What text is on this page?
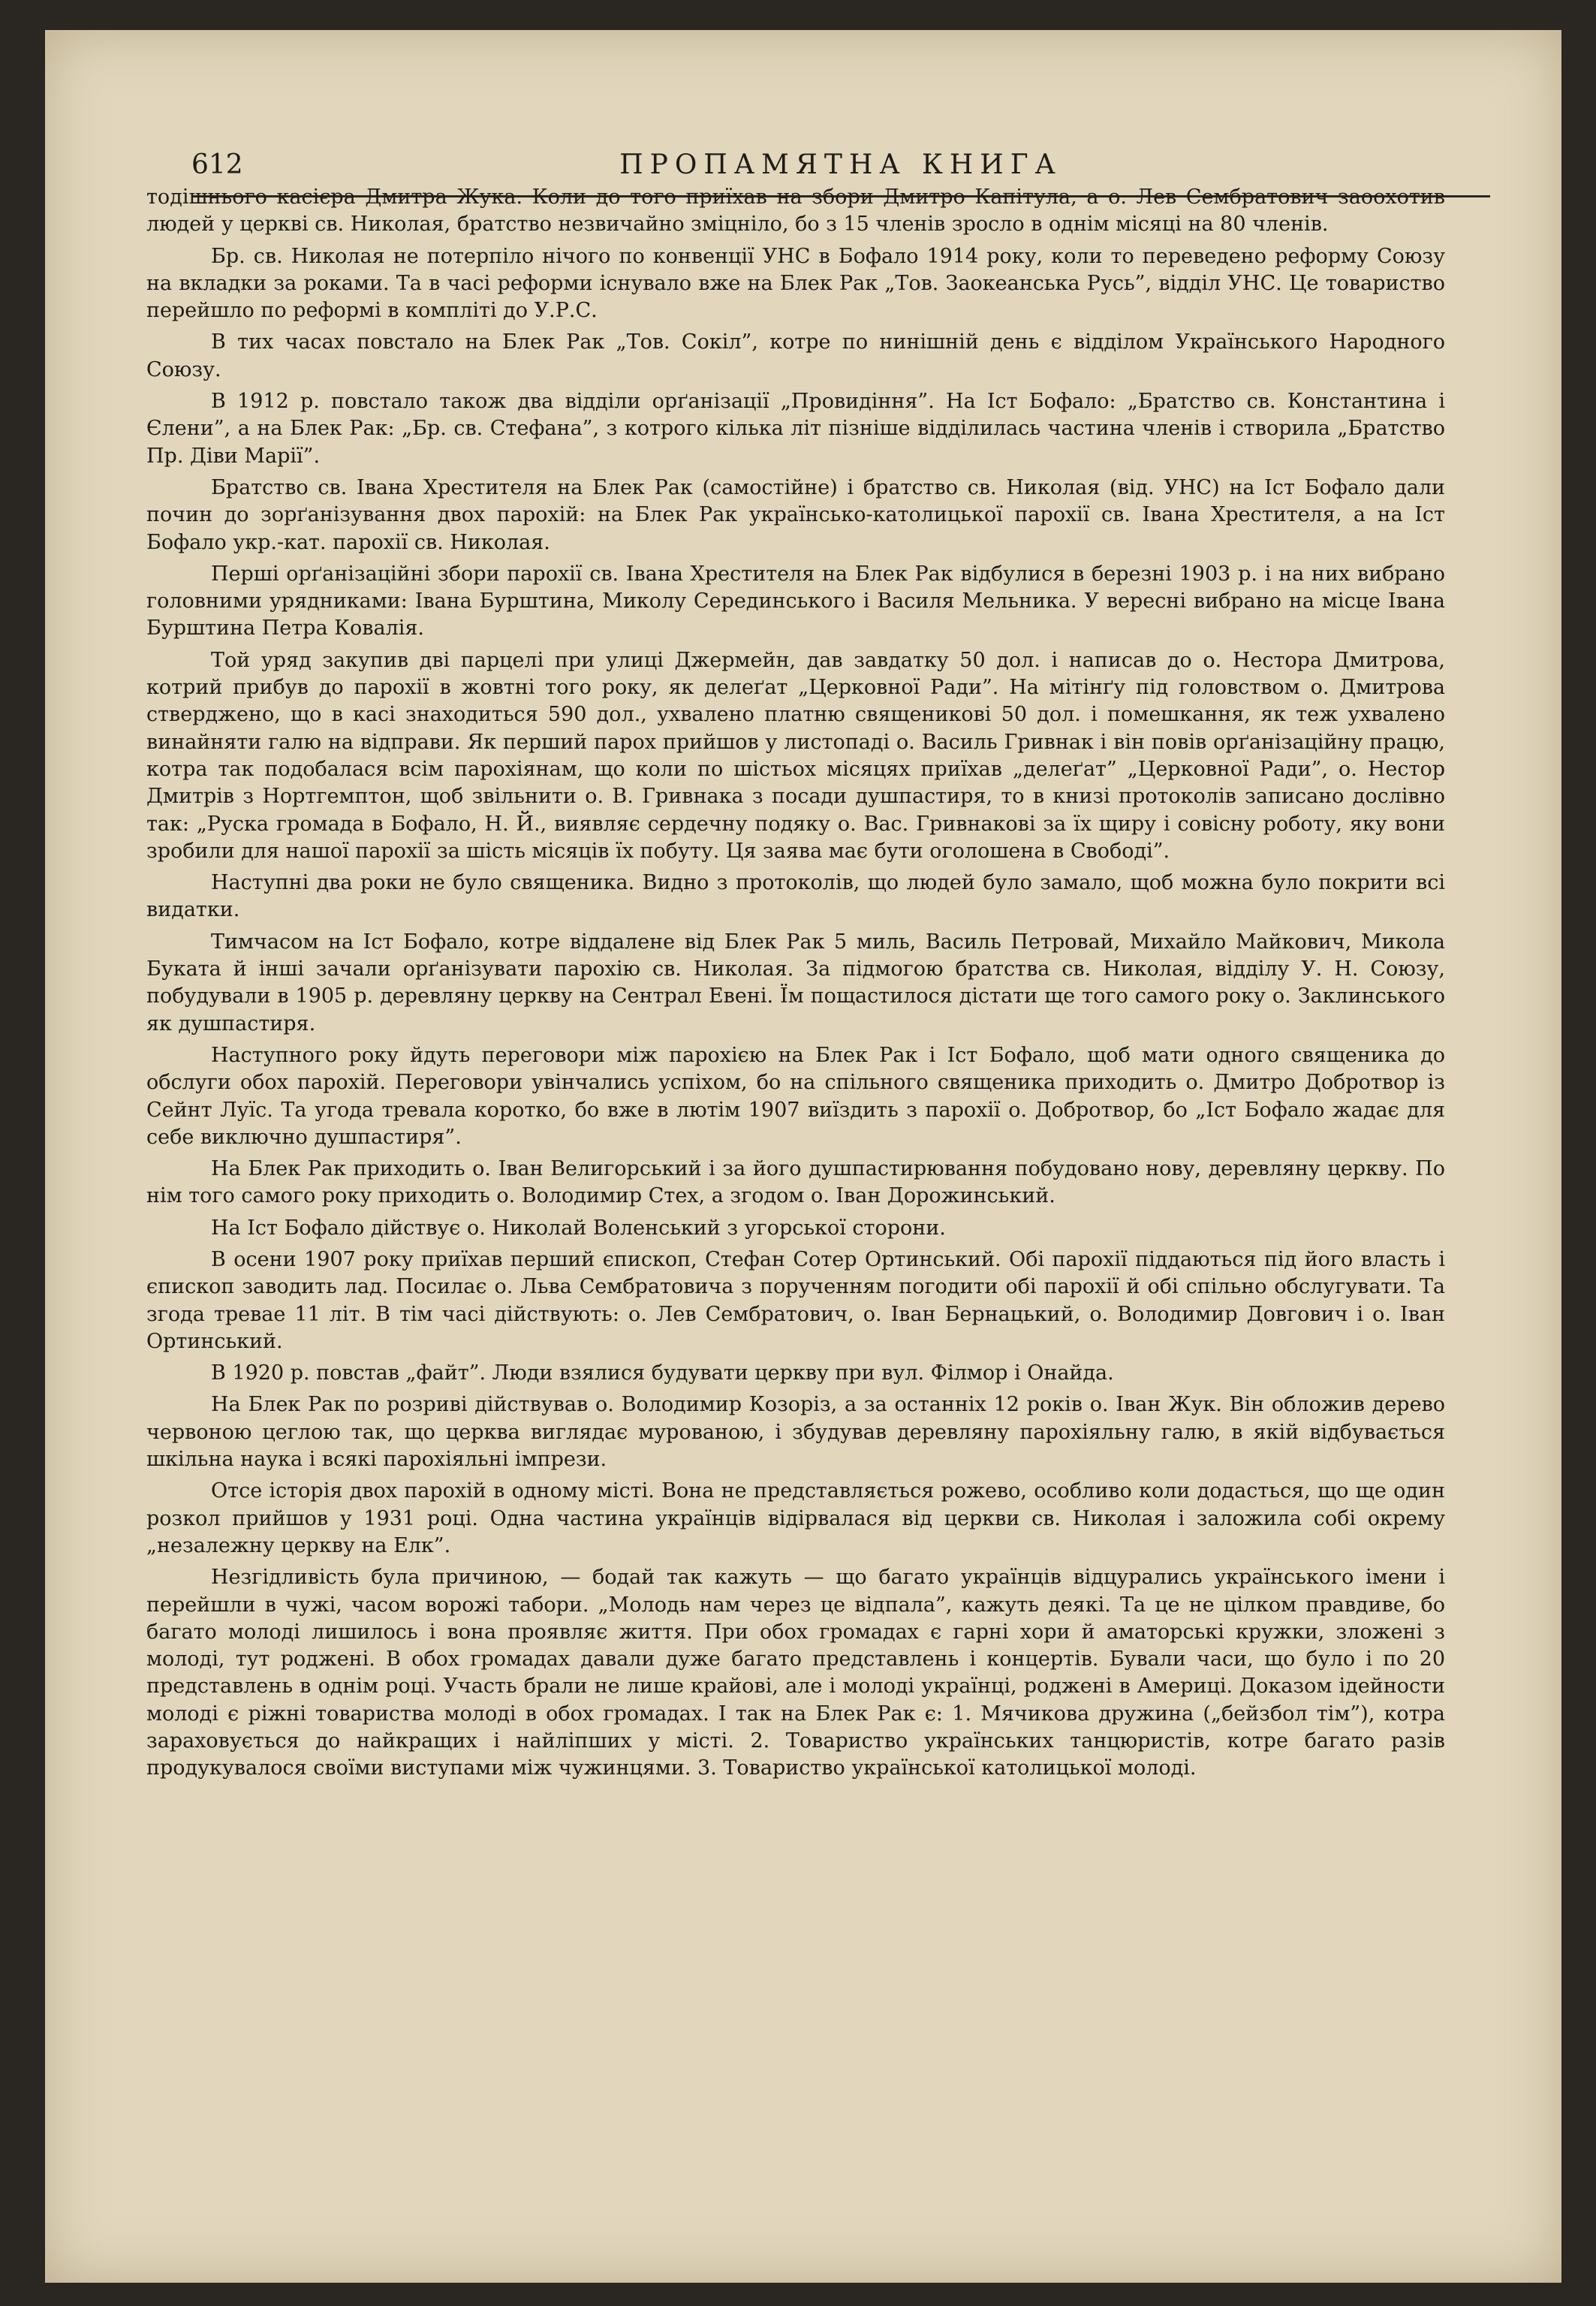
612	ПРОПАМЯТНА КНИГА

тодішнього касієра Дмитра Жука. Коли до того приїхав на збори Дмитро Капітула, а о. Лев Сембратович заоохотив людей у церкві св. Николая, братство незвичайно зміцніло, бо з 15 членів зросло в однім місяці на 80 членів.

Бр. св. Николая не потерпіло нічого по конвенції УНС в Бофало 1914 року, коли то переведено реформу Союзу на вкладки за роками. Та в часі реформи існувало вже на Блек Рак „Тов. Заокеанська Русь”, відділ УНС. Це товариство перейшло по реформі в компліті до У.Р.С.

В тих часах повстало на Блек Рак „Тов. Сокіл”, котре по нинішній день є відділом Українського Народного Союзу.

В 1912 р. повстало також два відділи орґанізації „Провидіння”. На Іст Бофало: „Братство св. Константина і Єлени”, а на Блек Рак: „Бр. св. Стефана”, з котрого кілька літ пізніше відділилась частина членів і створила „Братство Пр. Діви Марії”.

Братство св. Івана Хрестителя на Блек Рак (самостійне) і братство св. Николая (від. УНС) на Іст Бофало дали почин до зорґанізування двох парохій: на Блек Рак українсько-католицької парохії св. Івана Хрестителя, а на Іст Бофало укр.-кат. парохії св. Николая.

Перші орґанізаційні збори парохії св. Івана Хрестителя на Блек Рак відбулися в березні 1903 р. і на них вибрано головними урядниками: Івана Бурштина, Миколу Серединського і Василя Мельника. У вересні вибрано на місце Івана Бурштина Петра Ковалія.

Той уряд закупив дві парцелі при улиці Джермейн, дав завдатку 50 дол. і написав до о. Нестора Дмитрова, котрий прибув до парохії в жовтні того року, як делеґат „Церковної Ради”. На мітінґу під головством о. Дмитрова стверджено, що в касі знаходиться 590 дол., ухвалено платню священикові 50 дол. і помешкання, як теж ухвалено винайняти галю на відправи. Як перший парох прийшов у листопаді о. Василь Гривнак і він повів орґанізаційну працю, котра так подобалася всім парохіянам, що коли по шістьох місяцях приїхав „делеґат” „Церковної Ради”, о. Нестор Дмитрів з Нортгемптон, щоб звільнити о. В. Гривнака з посади душпастиря, то в книзі протоколів записано дослівно так: „Руска громада в Бофало, Н. Й., виявляє сердечну подяку о. Вас. Гривнакові за їх щиру і совісну роботу, яку вони зробили для нашої парохії за шість місяців їх побуту. Ця заява має бути оголошена в Свободі”.

Наступні два роки не було священика. Видно з протоколів, що людей було замало, щоб можна було покрити всі видатки.

Тимчасом на Іст Бофало, котре віддалене від Блек Рак 5 миль, Василь Петровай, Михайло Майкович, Микола Буката й інші зачали орґанізувати парохію св. Николая. За підмогою братства св. Николая, відділу У. Н. Союзу, побудували в 1905 р. деревляну церкву на Сентрал Евені. Їм пощастилося дістати ще того самого року о. Заклинського як душпастиря.

Наступного року йдуть переговори між парохією на Блек Рак і Іст Бофало, щоб мати одного священика до обслуги обох парохій. Переговори увінчались успіхом, бо на спільного священика приходить о. Дмитро Добротвор із Сейнт Луїс. Та угода тревала коротко, бо вже в лютім 1907 виїздить з парохії о. Добротвор, бо „Іст Бофало жадає для себе виключно душпастиря”.

На Блек Рак приходить о. Іван Велигорський і за його душпастирювання побудовано нову, деревляну церкву. По нім того самого року приходить о. Володимир Стех, а згодом о. Іван Дорожинський.

На Іст Бофало дійствує о. Николай Воленський з угорської сторони.

В осени 1907 року приїхав перший єпископ, Стефан Сотер Ортинський. Обі парохії піддаються під його власть і єпископ заводить лад. Посилає о. Льва Сембратовича з порученням погодити обі парохії й обі спільно обслугувати. Та згода тревае 11 літ. В тім часі дійствують: о. Лев Сембратович, о. Іван Бернацький, о. Володимир Довгович і о. Іван Ортинський.

В 1920 р. повстав „файт”. Люди взялися будувати церкву при вул. Філмор і Онайда.

На Блек Рак по розриві дійствував о. Володимир Козоріз, а за останніх 12 років о. Іван Жук. Він обложив дерево червоною цеглою так, що церква виглядає мурованою, і збудував деревляну парохіяльну галю, в якій відбувається шкільна наука і всякі парохіяльні імпрези.

Отсе історія двох парохій в одному місті. Вона не представляється рожево, особливо коли додасться, що ще один розкол прийшов у 1931 році. Одна частина українців відірвалася від церкви св. Николая і заложила собі окрему „незалежну церкву на Елк”.

Незгідливість була причиною, — бодай так кажуть — що багато українців відцурались українського імени і перейшли в чужі, часом ворожі табори. „Молодь нам через це відпала”, кажуть деякі. Та це не цілком правдиве, бо багато молоді лишилось і вона проявляє життя. При обох громадах є гарні хори й аматорські кружки, зложені з молоді, тут роджені. В обох громадах давали дуже багато представлень і концертів. Бували часи, що було і по 20 представлень в однім році. Участь брали не лише крайові, але і молоді українці, роджені в Америці. Доказом ідейности молоді є ріжні товариства молоді в обох громадах. І так на Блек Рак є: 1. Мячикова дружина („бейзбол тім”), котра зараховується до найкращих і найліпших у місті. 2. Товариство українських танцюристів, котре багато разів продукувалося своїми виступами між чужинцями. 3. Товариство української католицької молоді.
